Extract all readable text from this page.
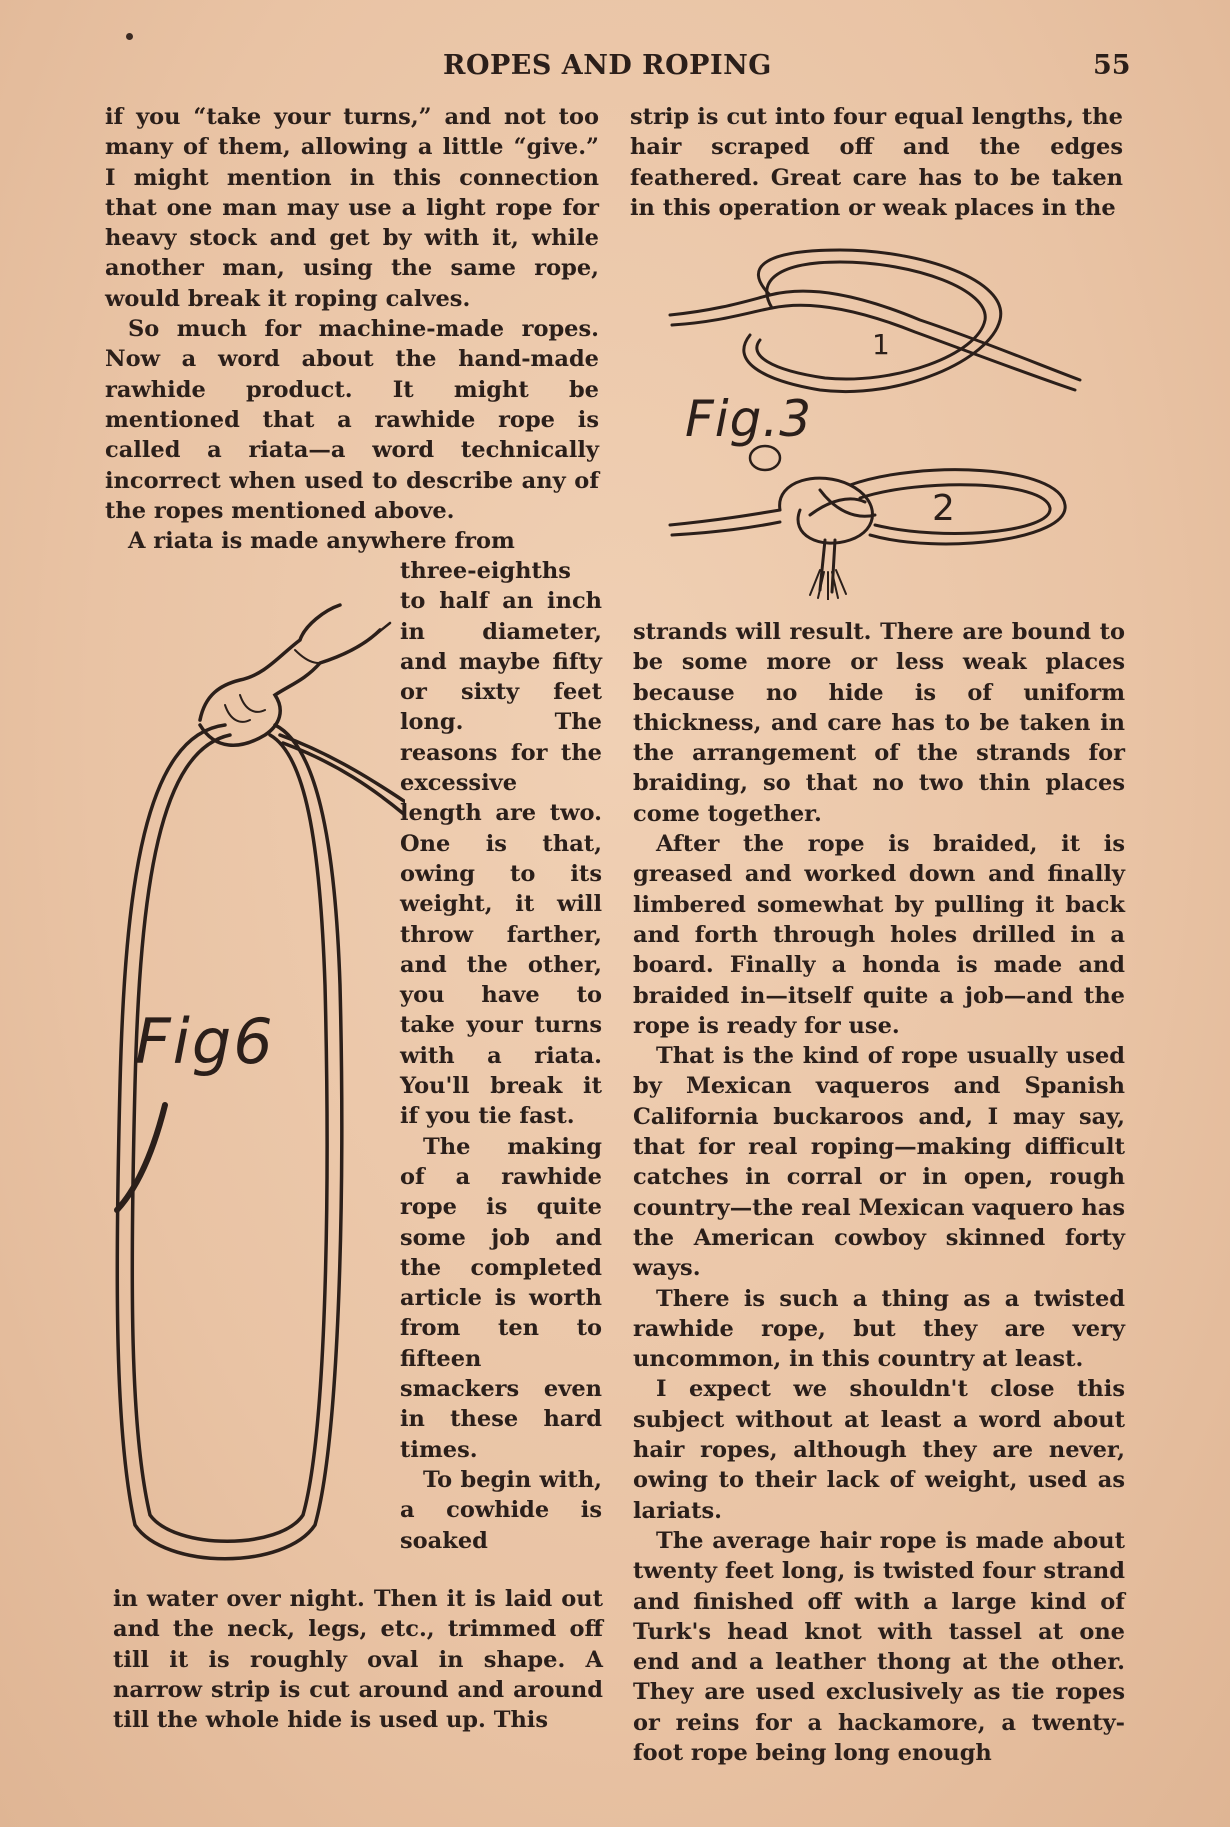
ROPES AND ROPING	55

if you “take your turns,” and not too many of them, allowing a little “give.” I might mention in this connection that one man may use a light rope for heavy stock and get by with it, while another man, using the same rope, would break it roping calves.

So much for machine-made ropes. Now a word about the hand-made rawhide product. It might be mentioned that a rawhide rope is called a riata—a word technically incorrect when used to describe any of the ropes mentioned above.

A riata is made anywhere from

Fig6

three-eighths to half an inch in diameter, and maybe fifty or sixty feet long. The reasons for the excessive length are two. One is that, owing to its weight, it will throw farther, and the other, you have to take your turns with a riata. You'll break it if you tie fast.

The making of a rawhide rope is quite some job and the completed article is worth from ten to fifteen smackers even in these hard times.

To begin with, a cowhide is soaked

in water over night. Then it is laid out and the neck, legs, etc., trimmed off till it is roughly oval in shape. A narrow strip is cut around and around till the whole hide is used up. This

strip is cut into four equal lengths, the hair scraped off and the edges feathered. Great care has to be taken in this operation or weak places in the

Fig.3
1
2

strands will result. There are bound to be some more or less weak places because no hide is of uniform thickness, and care has to be taken in the arrangement of the strands for braiding, so that no two thin places come together.

After the rope is braided, it is greased and worked down and finally limbered somewhat by pulling it back and forth through holes drilled in a board. Finally a honda is made and braided in—itself quite a job—and the rope is ready for use.

That is the kind of rope usually used by Mexican vaqueros and Spanish California buckaroos and, I may say, that for real roping—making difficult catches in corral or in open, rough country—the real Mexican vaquero has the American cowboy skinned forty ways.

There is such a thing as a twisted rawhide rope, but they are very uncommon, in this country at least.

I expect we shouldn't close this subject without at least a word about hair ropes, although they are never, owing to their lack of weight, used as lariats.

The average hair rope is made about twenty feet long, is twisted four strand and finished off with a large kind of Turk's head knot with tassel at one end and a leather thong at the other. They are used exclusively as tie ropes or reins for a hackamore, a twenty-foot rope being long enough
